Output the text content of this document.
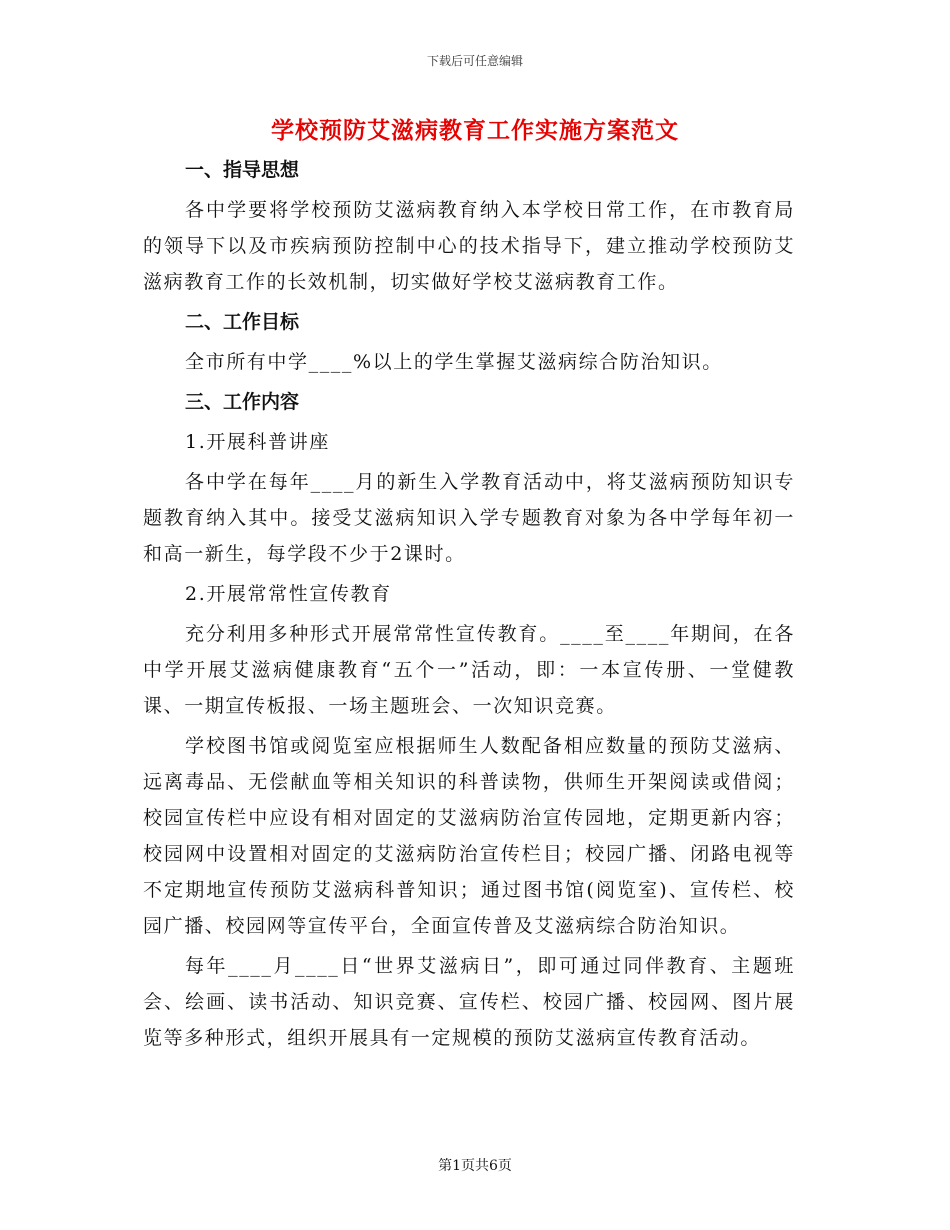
下载后可任意编辑
学校预防艾滋病教育工作实施方案范文
一、指导思想

各中学要将学校预防艾滋病教育纳入本学校日常工作，在市教育局的领导下以及市疾病预防控制中心的技术指导下，建立推动学校预防艾滋病教育工作的长效机制，切实做好学校艾滋病教育工作。

二、工作目标

全市所有中学____%以上的学生掌握艾滋病综合防治知识。

三、工作内容
1.开展科普讲座

各中学在每年____月的新生入学教育活动中，将艾滋病预防知识专题教育纳入其中。接受艾滋病知识入学专题教育对象为各中学每年初一和高一新生，每学段不少于2课时。

2.开展常常性宣传教育

充分利用多种形式开展常常性宣传教育。____至____年期间，在各中学开展艾滋病健康教育“五个一”活动，即：一本宣传册、一堂健教课、一期宣传板报、一场主题班会、一次知识竞赛。

学校图书馆或阅览室应根据师生人数配备相应数量的预防艾滋病、远离毒品、无偿献血等相关知识的科普读物，供师生开架阅读或借阅；校园宣传栏中应设有相对固定的艾滋病防治宣传园地，定期更新内容；校园网中设置相对固定的艾滋病防治宣传栏目；校园广播、闭路电视等不定期地宣传预防艾滋病科普知识；通过图书馆(阅览室)、宣传栏、校园广播、校园网等宣传平台，全面宣传普及艾滋病综合防治知识。

每年____月____日“世界艾滋病日”，即可通过同伴教育、主题班会、绘画、读书活动、知识竞赛、宣传栏、校园广播、校园网、图片展览等多种形式，组织开展具有一定规模的预防艾滋病宣传教育活动。

第1页共6页
